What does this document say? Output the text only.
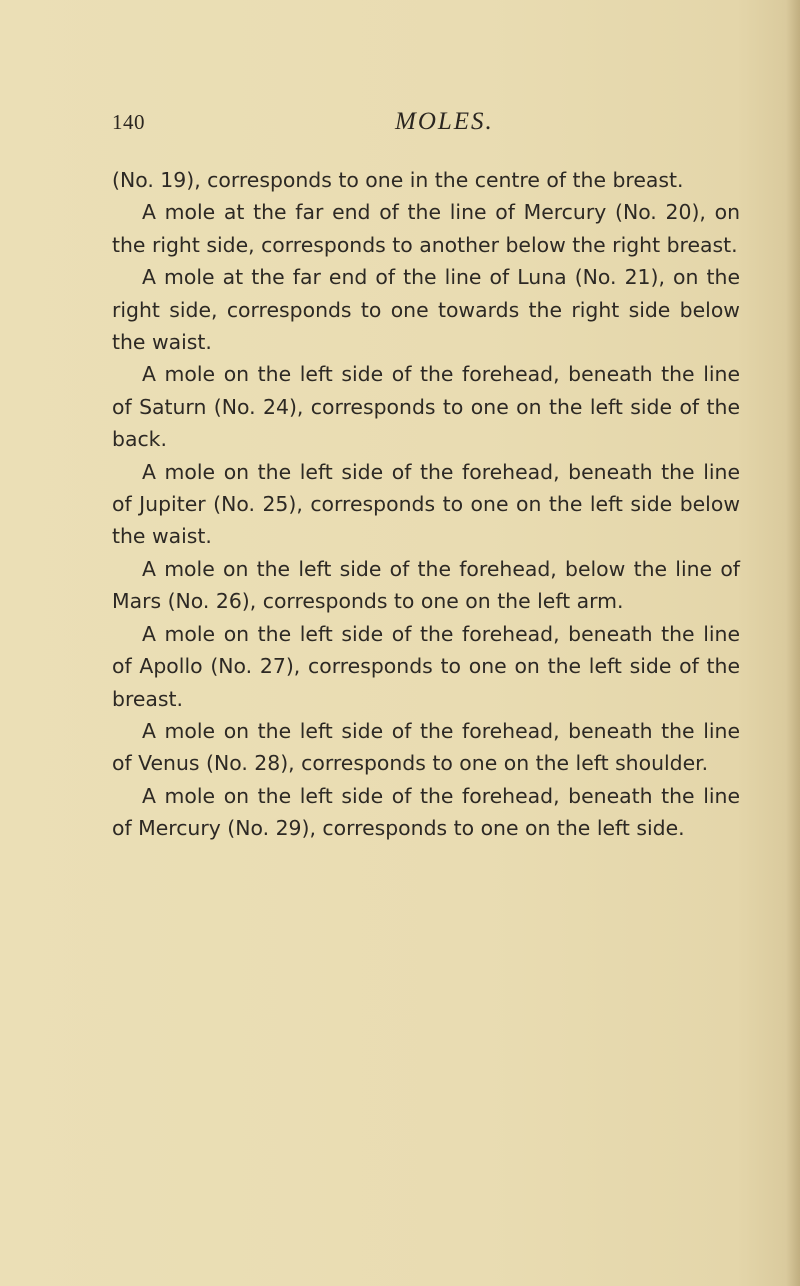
140	MOLES.

(No. 19), corresponds to one in the centre of the breast.

A mole at the far end of the line of Mercury (No. 20), on the right side, corresponds to another below the right breast.

A mole at the far end of the line of Luna (No. 21), on the right side, corresponds to one towards the right side below the waist.

A mole on the left side of the forehead, beneath the line of Saturn (No. 24), corresponds to one on the left side of the back.

A mole on the left side of the forehead, beneath the line of Jupiter (No. 25), corresponds to one on the left side below the waist.

A mole on the left side of the forehead, below the line of Mars (No. 26), corresponds to one on the left arm.

A mole on the left side of the forehead, beneath the line of Apollo (No. 27), corresponds to one on the left side of the breast.

A mole on the left side of the forehead, beneath the line of Venus (No. 28), corresponds to one on the left shoulder.

A mole on the left side of the forehead, beneath the line of Mercury (No. 29), corresponds to one on the left side.
